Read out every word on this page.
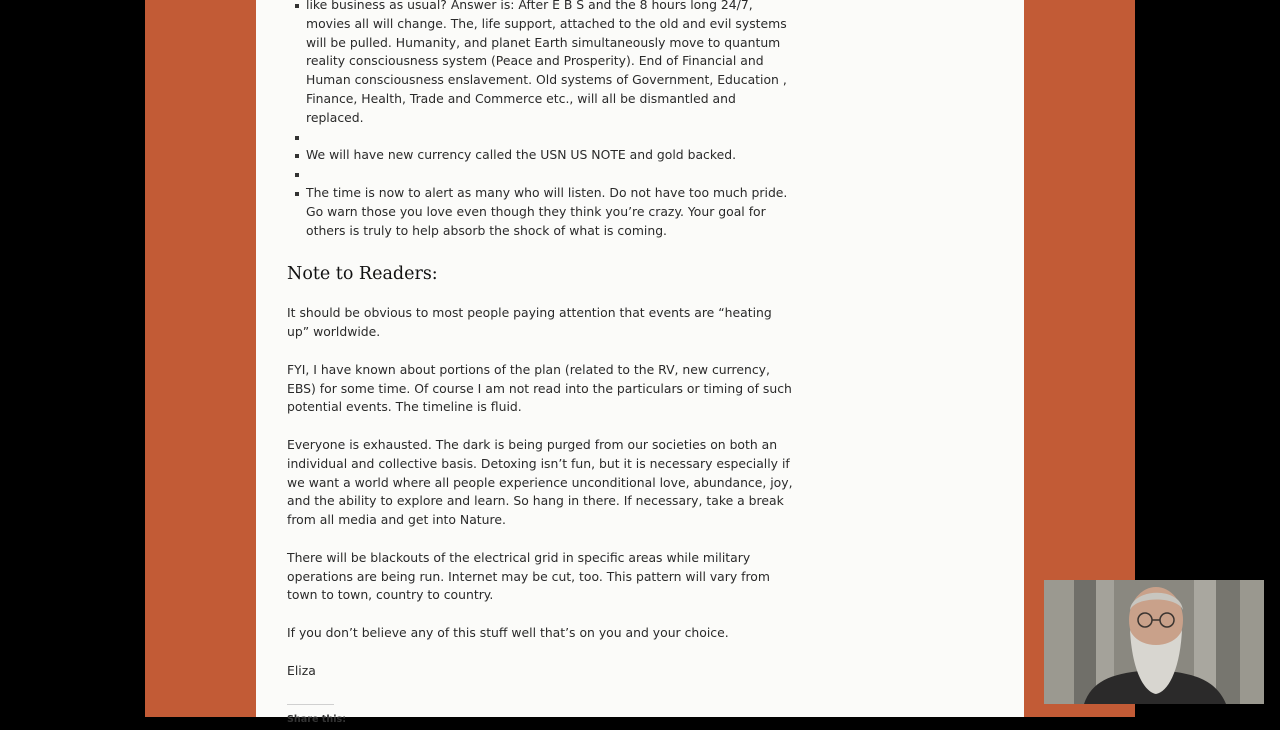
like business as usual? Answer is: After E B S and the 8 hours long 24/7, movies all will change. The, life support, attached to the old and evil systems will be pulled. Humanity, and planet Earth simultaneously move to quantum reality consciousness system (Peace and Prosperity). End of Financial and Human consciousness enslavement. Old systems of Government, Education , Finance, Health, Trade and Commerce etc., will all be dismantled and replaced.
We will have new currency called the USN US NOTE and gold backed.
The time is now to alert as many who will listen. Do not have too much pride. Go warn those you love even though they think you’re crazy. Your goal for others is truly to help absorb the shock of what is coming.
Note to Readers:

It should be obvious to most people paying attention that events are “heating up” worldwide.

FYI, I have known about portions of the plan (related to the RV, new currency, EBS) for some time. Of course I am not read into the particulars or timing of such potential events. The timeline is fluid.

Everyone is exhausted. The dark is being purged from our societies on both an individual and collective basis. Detoxing isn’t fun, but it is necessary especially if we want a world where all people experience unconditional love, abundance, joy, and the ability to explore and learn. So hang in there. If necessary, take a break from all media and get into Nature.

There will be blackouts of the electrical grid in specific areas while military operations are being run. Internet may be cut, too. This pattern will vary from town to town, country to country.

If you don’t believe any of this stuff well that’s on you and your choice.

Eliza

Share this:
